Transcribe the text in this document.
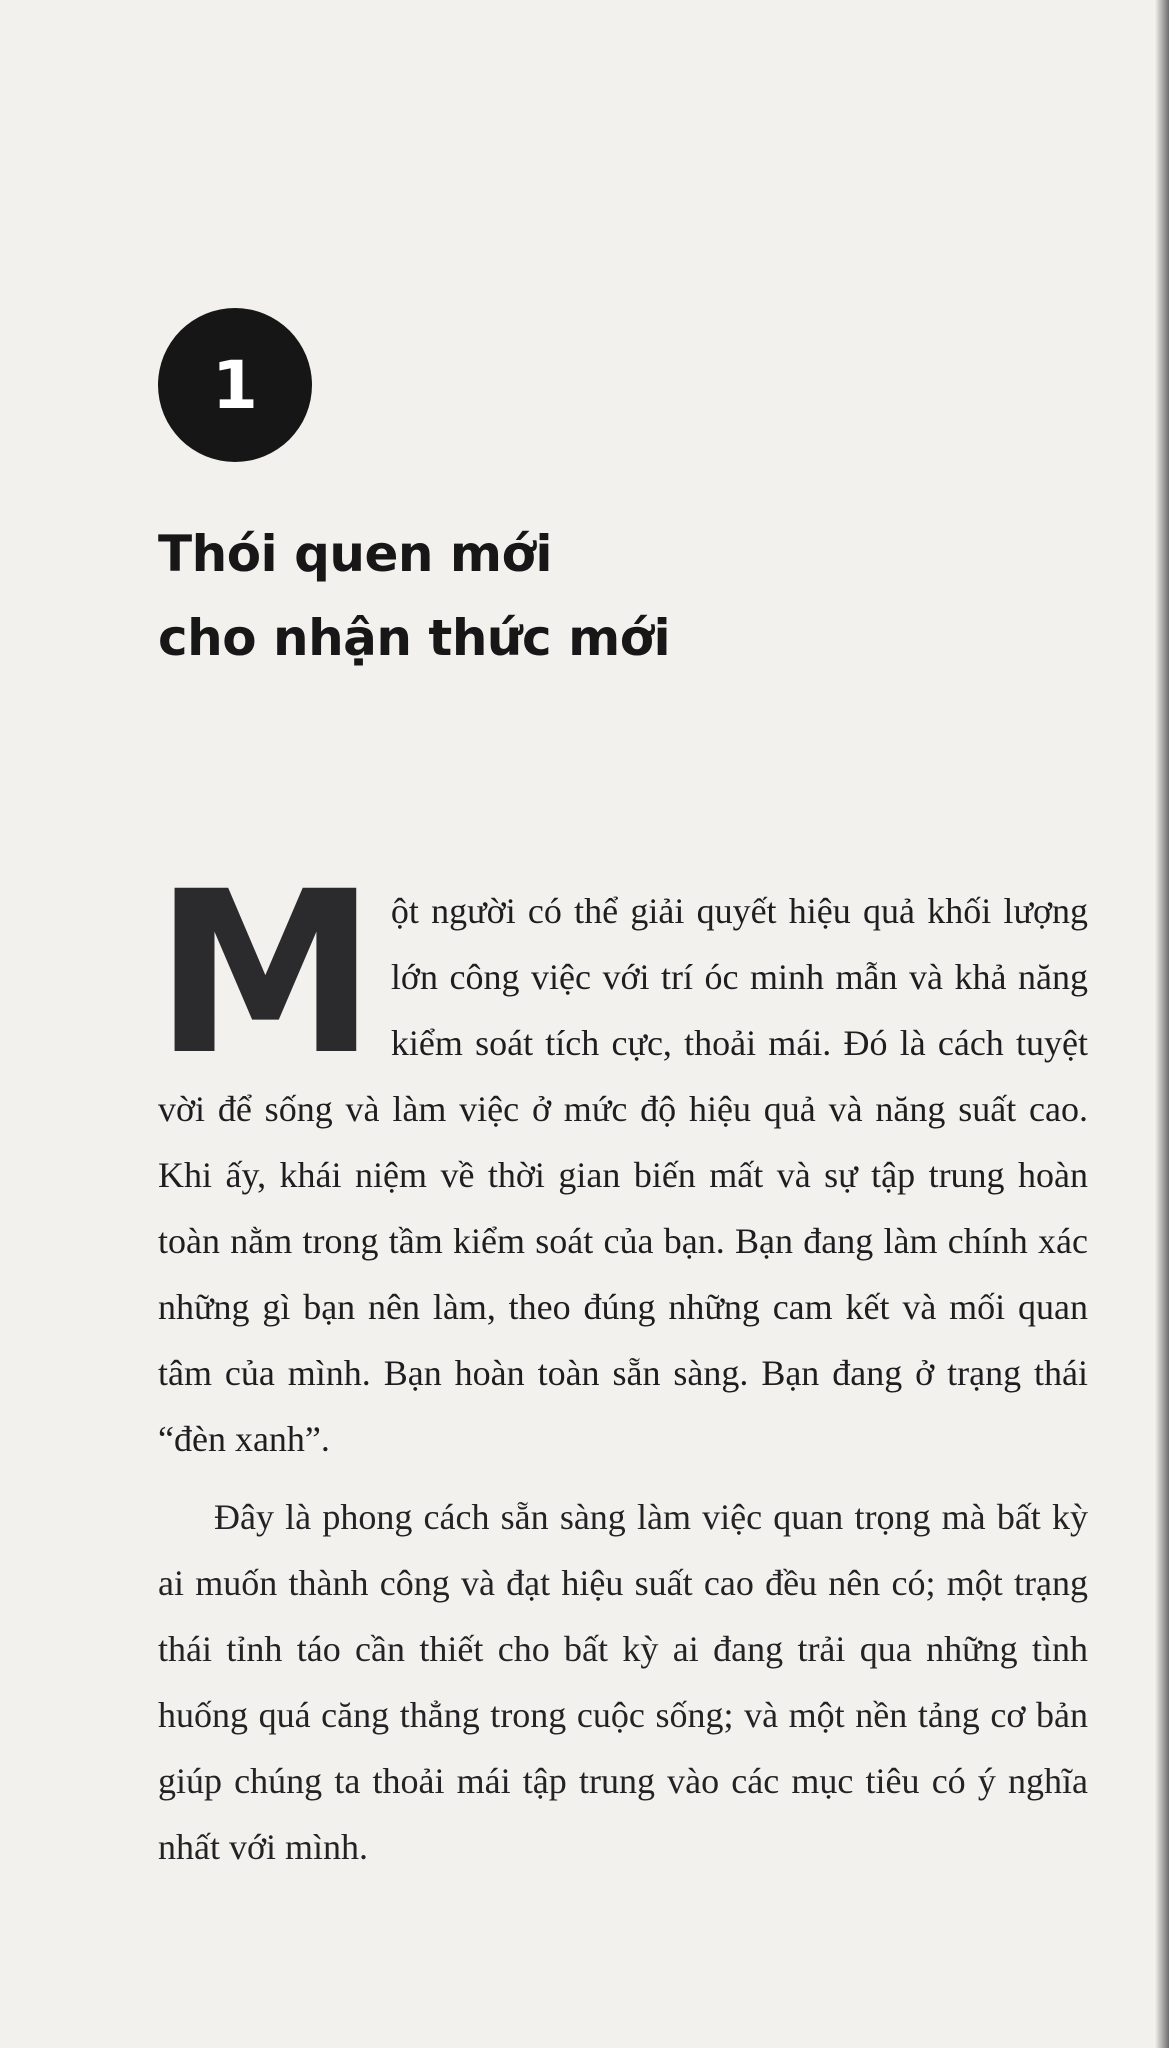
1
Thói quen mới
cho nhận thức mới

M ột người có thể giải quyết hiệu quả khối lượng lớn công việc với trí óc minh mẫn và khả năng kiểm soát tích cực, thoải mái. Đó là cách tuyệt vời để sống và làm việc ở mức độ hiệu quả và năng suất cao. Khi ấy, khái niệm về thời gian biến mất và sự tập trung hoàn toàn nằm trong tầm kiểm soát của bạn. Bạn đang làm chính xác những gì bạn nên làm, theo đúng những cam kết và mối quan tâm của mình. Bạn hoàn toàn sẵn sàng. Bạn đang ở trạng thái “đèn xanh”.

Đây là phong cách sẵn sàng làm việc quan trọng mà bất kỳ ai muốn thành công và đạt hiệu suất cao đều nên có; một trạng thái tỉnh táo cần thiết cho bất kỳ ai đang trải qua những tình huống quá căng thẳng trong cuộc sống; và một nền tảng cơ bản giúp chúng ta thoải mái tập trung vào các mục tiêu có ý nghĩa nhất với mình.
